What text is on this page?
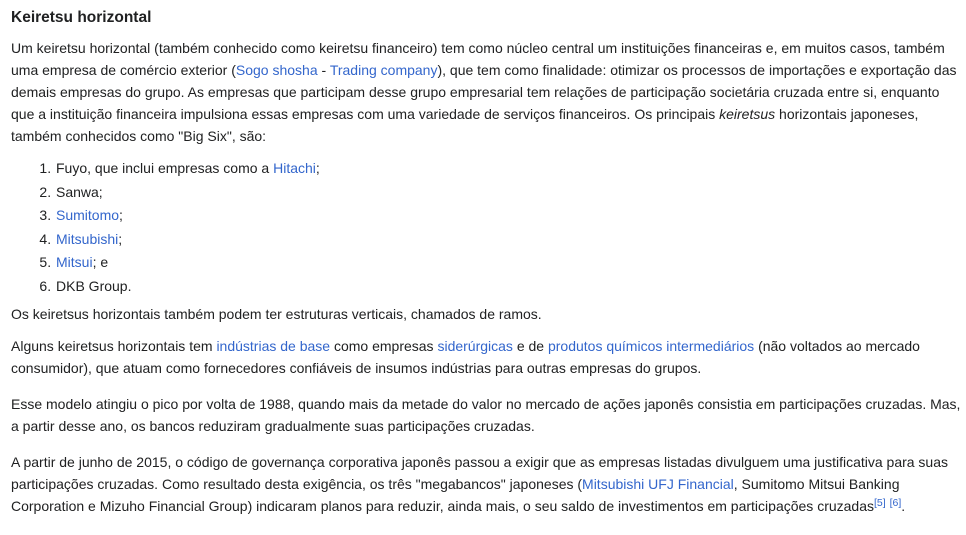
Keiretsu horizontal

Um keiretsu horizontal (também conhecido como keiretsu financeiro) tem como núcleo central um instituições financeiras e, em muitos casos, também uma empresa de comércio exterior (Sogo shosha - Trading company), que tem como finalidade: otimizar os processos de importações e exportação das demais empresas do grupo. As empresas que participam desse grupo empresarial tem relações de participação societária cruzada entre si, enquanto que a instituição financeira impulsiona essas empresas com uma variedade de serviços financeiros. Os principais keiretsus horizontais japoneses, também conhecidos como "Big Six", são:

1. Fuyo, que inclui empresas como a Hitachi;
2. Sanwa;
3. Sumitomo;
4. Mitsubishi;
5. Mitsui; e
6. DKB Group.

Os keiretsus horizontais também podem ter estruturas verticais, chamados de ramos.

Alguns keiretsus horizontais tem indústrias de base como empresas siderúrgicas e de produtos químicos intermediários (não voltados ao mercado consumidor), que atuam como fornecedores confiáveis de insumos indústrias para outras empresas do grupos.

Esse modelo atingiu o pico por volta de 1988, quando mais da metade do valor no mercado de ações japonês consistia em participações cruzadas. Mas, a partir desse ano, os bancos reduziram gradualmente suas participações cruzadas.

A partir de junho de 2015, o código de governança corporativa japonês passou a exigir que as empresas listadas divulguem uma justificativa para suas participações cruzadas. Como resultado desta exigência, os três "megabancos" japoneses (Mitsubishi UFJ Financial, Sumitomo Mitsui Banking Corporation e Mizuho Financial Group) indicaram planos para reduzir, ainda mais, o seu saldo de investimentos em participações cruzadas[5] [6].
